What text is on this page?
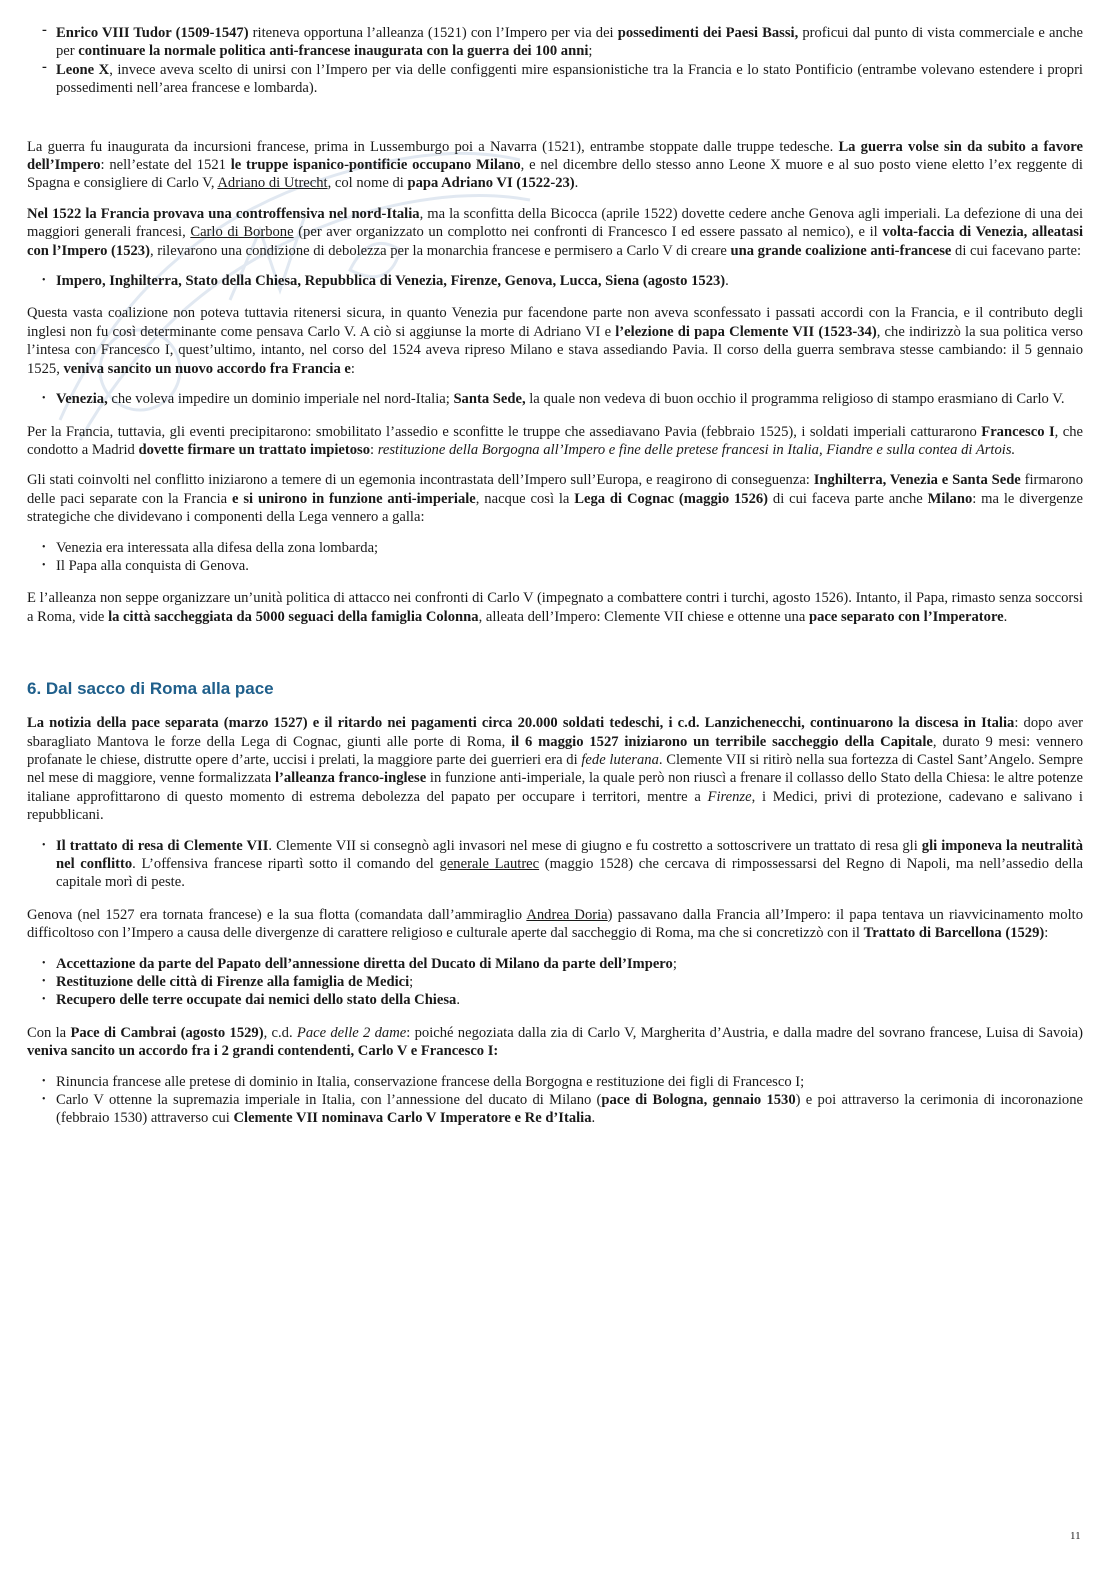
- Enrico VIII Tudor (1509-1547) riteneva opportuna l’alleanza (1521) con l’Impero per via dei possedimenti dei Paesi Bassi, proficui dal punto di vista commerciale e anche per continuare la normale politica anti-francese inaugurata con la guerra dei 100 anni;
- Leone X, invece aveva scelto di unirsi con l’Impero per via delle configgenti mire espansionistiche tra la Francia e lo stato Pontificio (entrambe volevano estendere i propri possedimenti nell’area francese e lombarda).

La guerra fu inaugurata da incursioni francese, prima in Lussemburgo poi a Navarra (1521), entrambe stoppate dalle truppe tedesche. La guerra volse sin da subito a favore dell’Impero: nell’estate del 1521 le truppe ispanico-pontificie occupano Milano, e nel dicembre dello stesso anno Leone X muore e al suo posto viene eletto l’ex reggente di Spagna e consigliere di Carlo V, Adriano di Utrecht, col nome di papa Adriano VI (1522-23).

Nel 1522 la Francia provava una controffensiva nel nord-Italia, ma la sconfitta della Bicocca (aprile 1522) dovette cedere anche Genova agli imperiali. La defezione di una dei maggiori generali francesi, Carlo di Borbone (per aver organizzato un complotto nei confronti di Francesco I ed essere passato al nemico), e il volta-faccia di Venezia, alleatasi con l’Impero (1523), rilevarono una condizione di debolezza per la monarchia francese e permisero a Carlo V di creare una grande coalizione anti-francese di cui facevano parte:

• Impero, Inghilterra, Stato della Chiesa, Repubblica di Venezia, Firenze, Genova, Lucca, Siena (agosto 1523).

Questa vasta coalizione non poteva tuttavia ritenersi sicura, in quanto Venezia pur facendone parte non aveva sconfessato i passati accordi con la Francia, e il contributo degli inglesi non fu così determinante come pensava Carlo V. A ciò si aggiunse la morte di Adriano VI e l’elezione di papa Clemente VII (1523-34), che indirizzò la sua politica verso l’intesa con Francesco I, quest’ultimo, intanto, nel corso del 1524 aveva ripreso Milano e stava assediando Pavia. Il corso della guerra sembrava stesse cambiando: il 5 gennaio 1525, veniva sancito un nuovo accordo fra Francia e:

• Venezia, che voleva impedire un dominio imperiale nel nord-Italia; Santa Sede, la quale non vedeva di buon occhio il programma religioso di stampo erasmiano di Carlo V.

Per la Francia, tuttavia, gli eventi precipitarono: smobilitato l’assedio e sconfitte le truppe che assediavano Pavia (febbraio 1525), i soldati imperiali catturarono Francesco I, che condotto a Madrid dovette firmare un trattato impietoso: restituzione della Borgogna all’Impero e fine delle pretese francesi in Italia, Fiandre e sulla contea di Artois.

Gli stati coinvolti nel conflitto iniziarono a temere di un egemonia incontrastata dell’Impero sull’Europa, e reagirono di conseguenza: Inghilterra, Venezia e Santa Sede firmarono delle paci separate con la Francia e si unirono in funzione anti-imperiale, nacque così la Lega di Cognac (maggio 1526) di cui faceva parte anche Milano: ma le divergenze strategiche che dividevano i componenti della Lega vennero a galla:

• Venezia era interessata alla difesa della zona lombarda;
• Il Papa alla conquista di Genova.

E l’alleanza non seppe organizzare un’unità politica di attacco nei confronti di Carlo V (impegnato a combattere contri i turchi, agosto 1526). Intanto, il Papa, rimasto senza soccorsi a Roma, vide la città saccheggiata da 5000 seguaci della famiglia Colonna, alleata dell’Impero: Clemente VII chiese e ottenne una pace separato con l’Imperatore.

6. Dal sacco di Roma alla pace

La notizia della pace separata (marzo 1527) e il ritardo nei pagamenti circa 20.000 soldati tedeschi, i c.d. Lanzichenecchi, continuarono la discesa in Italia: dopo aver sbaragliato Mantova le forze della Lega di Cognac, giunti alle porte di Roma, il 6 maggio 1527 iniziarono un terribile saccheggio della Capitale, durato 9 mesi: vennero profanate le chiese, distrutte opere d’arte, uccisi i prelati, la maggiore parte dei guerrieri era di fede luterana. Clemente VII si ritirò nella sua fortezza di Castel Sant’Angelo. Sempre nel mese di maggiore, venne formalizzata l’alleanza franco-inglese in funzione anti-imperiale, la quale però non riuscì a frenare il collasso dello Stato della Chiesa: le altre potenze italiane approfittarono di questo momento di estrema debolezza del papato per occupare i territori, mentre a Firenze, i Medici, privi di protezione, cadevano e salivano i repubblicani.

• Il trattato di resa di Clemente VII. Clemente VII si consegnò agli invasori nel mese di giugno e fu costretto a sottoscrivere un trattato di resa gli gli imponeva la neutralità nel conflitto. L’offensiva francese ripartì sotto il comando del generale Lautrec (maggio 1528) che cercava di rimpossessarsi del Regno di Napoli, ma nell’assedio della capitale morì di peste.

Genova (nel 1527 era tornata francese) e la sua flotta (comandata dall’ammiraglio Andrea Doria) passavano dalla Francia all’Impero: il papa tentava un riavvicinamento molto difficoltoso con l’Impero a causa delle divergenze di carattere religioso e culturale aperte dal saccheggio di Roma, ma che si concretizzò con il Trattato di Barcellona (1529):

• Accettazione da parte del Papato dell’annessione diretta del Ducato di Milano da parte dell’Impero;
• Restituzione delle città di Firenze alla famiglia de Medici;
• Recupero delle terre occupate dai nemici dello stato della Chiesa.

Con la Pace di Cambrai (agosto 1529), c.d. Pace delle 2 dame: poiché negoziata dalla zia di Carlo V, Margherita d’Austria, e dalla madre del sovrano francese, Luisa di Savoia) veniva sancito un accordo fra i 2 grandi contendenti, Carlo V e Francesco I:

• Rinuncia francese alle pretese di dominio in Italia, conservazione francese della Borgogna e restituzione dei figli di Francesco I;
• Carlo V ottenne la supremazia imperiale in Italia, con l’annessione del ducato di Milano (pace di Bologna, gennaio 1530) e poi attraverso la cerimonia di incoronazione (febbraio 1530) attraverso cui Clemente VII nominava Carlo V Imperatore e Re d’Italia.
11
